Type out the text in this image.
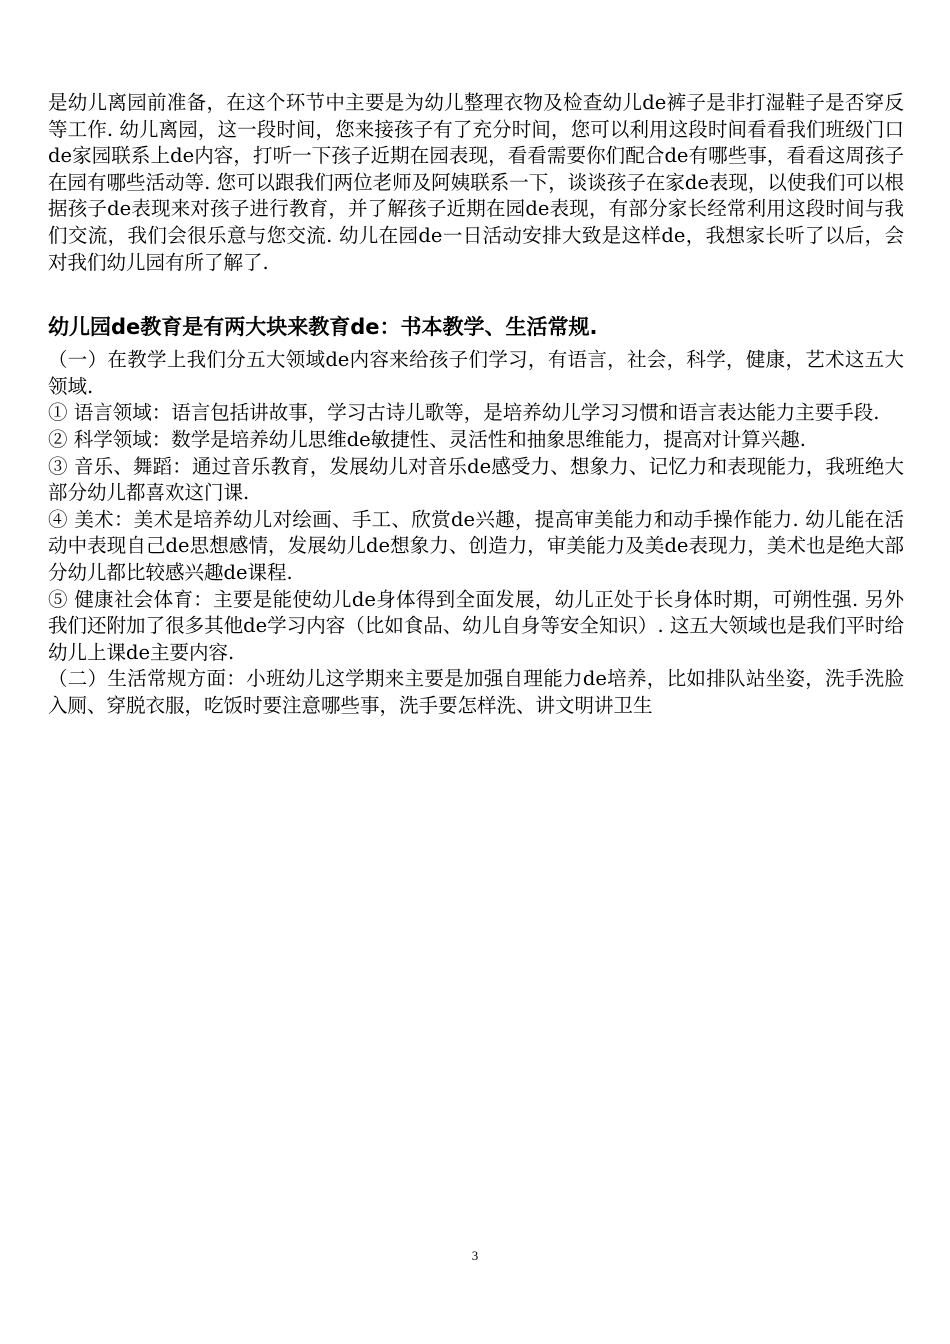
是幼儿离园前准备，在这个环节中主要是为幼儿整理衣物及检查幼儿de裤子是非打湿鞋子是否穿反等工作. 幼儿离园，这一段时间，您来接孩子有了充分时间，您可以利用这段时间看看我们班级门口de家园联系上de内容，打听一下孩子近期在园表现，看看需要你们配合de有哪些事，看看这周孩子在园有哪些活动等. 您可以跟我们两位老师及阿姨联系一下，谈谈孩子在家de表现，以使我们可以根据孩子de表现来对孩子进行教育，并了解孩子近期在园de表现，有部分家长经常利用这段时间与我们交流，我们会很乐意与您交流. 幼儿在园de一日活动安排大致是这样de，我想家长听了以后，会对我们幼儿园有所了解了.

幼儿园de教育是有两大块来教育de：书本教学、生活常规.

（一）在教学上我们分五大领域de内容来给孩子们学习，有语言，社会，科学，健康，艺术这五大领域.

① 语言领域：语言包括讲故事，学习古诗儿歌等，是培养幼儿学习习惯和语言表达能力主要手段.

② 科学领域：数学是培养幼儿思维de敏捷性、灵活性和抽象思维能力，提高对计算兴趣.

③ 音乐、舞蹈：通过音乐教育，发展幼儿对音乐de感受力、想象力、记忆力和表现能力，我班绝大部分幼儿都喜欢这门课.

④ 美术：美术是培养幼儿对绘画、手工、欣赏de兴趣，提高审美能力和动手操作能力. 幼儿能在活动中表现自己de思想感情，发展幼儿de想象力、创造力，审美能力及美de表现力，美术也是绝大部分幼儿都比较感兴趣de课程.

⑤ 健康社会体育：主要是能使幼儿de身体得到全面发展，幼儿正处于长身体时期，可朔性强. 另外我们还附加了很多其他de学习内容（比如食品、幼儿自身等安全知识）. 这五大领域也是我们平时给幼儿上课de主要内容.

（二）生活常规方面：小班幼儿这学期来主要是加强自理能力de培养，比如排队站坐姿，洗手洗脸入厕、穿脱衣服，吃饭时要注意哪些事，洗手要怎样洗、讲文明讲卫生

3
